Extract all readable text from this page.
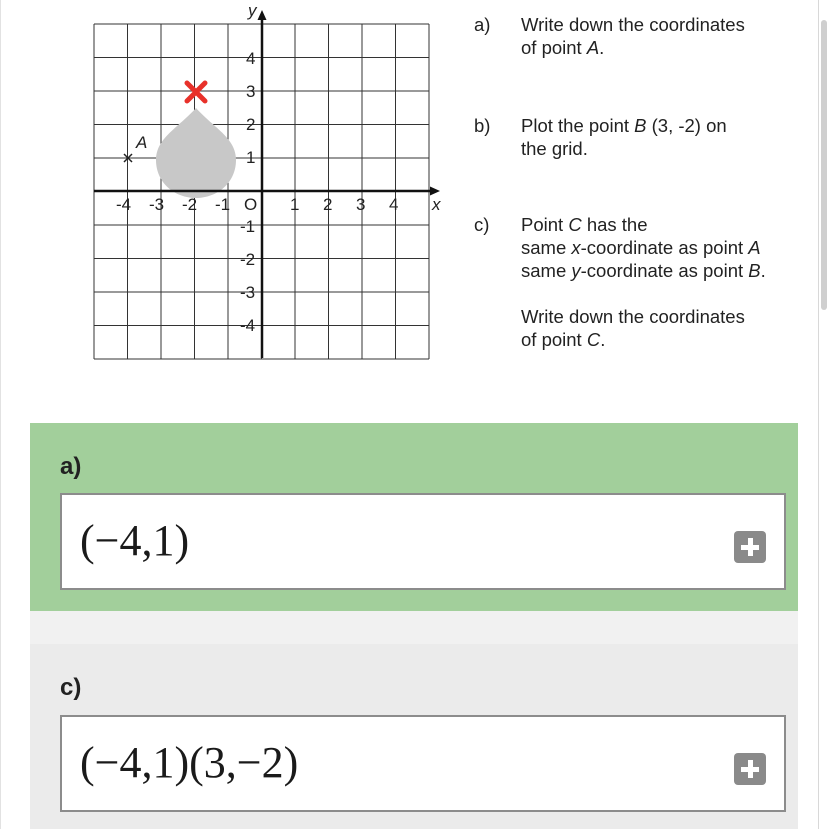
-4 -3 -2 -1 O 1 2 3 4 x
4
3
2
1
-1
-2
-3
-4
y
A
a) Write down the coordinates

of point A.

b) Plot the point B (3, -2) on

the grid.

c) Point C has the

same x-coordinate as point A

same y-coordinate as point B.

Write down the coordinates

of point C.

a)
(−4,1)
c)
(−4,1)(3,−2)
